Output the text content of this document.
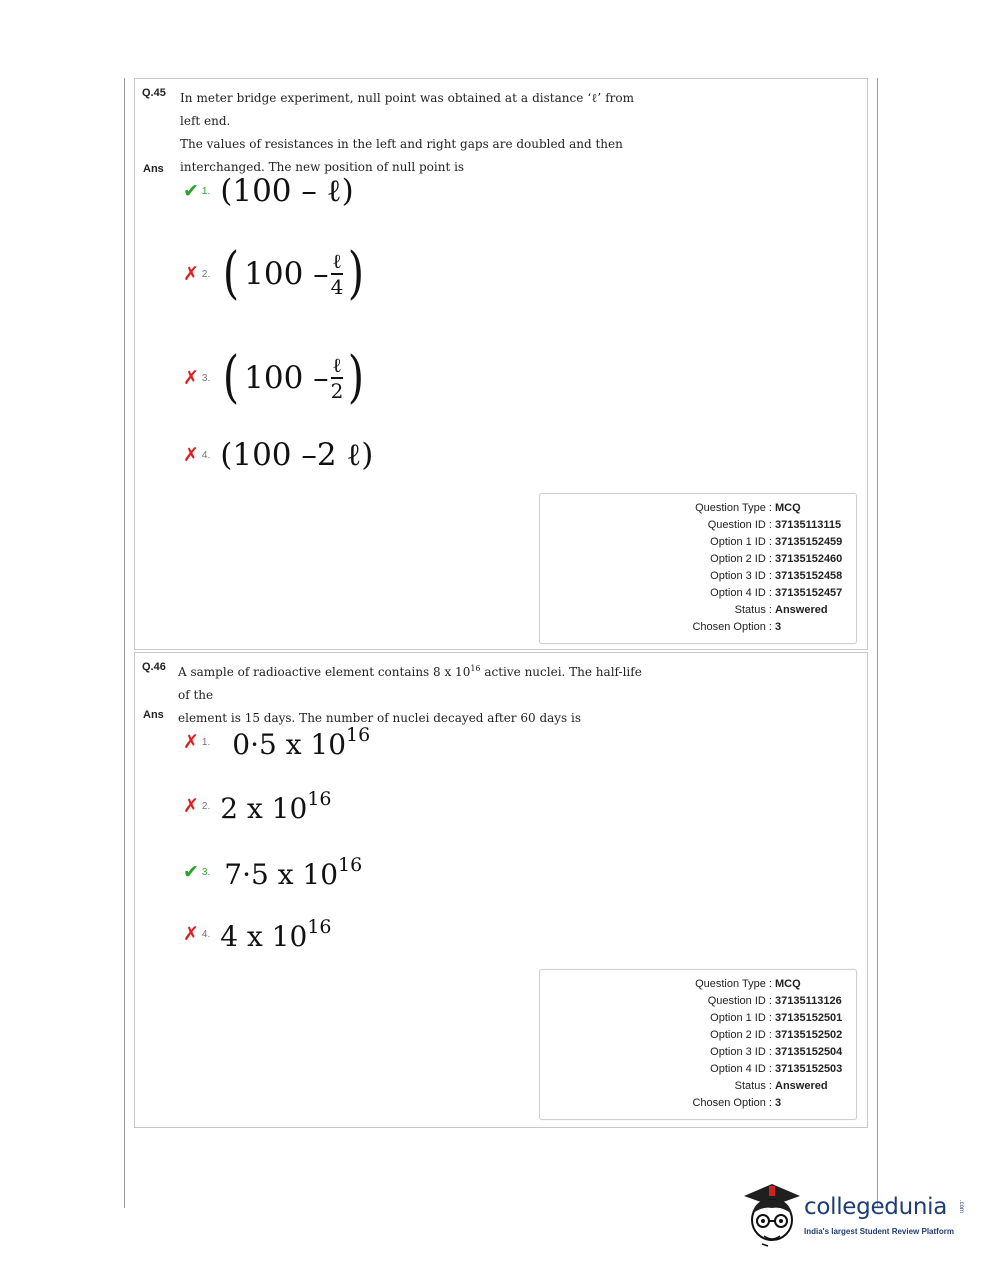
Q.45 In meter bridge experiment, null point was obtained at a distance ‘ℓ’ from left end.
The values of resistances in the left and right gaps are doubled and then
interchanged. The new position of null point is
Ans
✔ 1. (100 – ℓ)
✗ 2. ( $100 - \frac{\text{ℓ}}{4}$ )
✗ 3. ( $100 - \frac{\text{ℓ}}{2}$ )
✗ 4. (100 –2 ℓ)
Question Type : MCQ
Question ID : 37135113115
Option 1 ID : 37135152459
Option 2 ID : 37135152460
Option 3 ID : 37135152458
Option 4 ID : 37135152457
Status : Answered
Chosen Option : 3
Q.46 A sample of radioactive element contains 8 x $10^{16}$ active nuclei. The half-life of the
element is 15 days. The number of nuclei decayed after 60 days is
Ans
✗ 1. 0·5 x $10^{16}$
✗ 2. 2 x $10^{16}$
✔ 3. 7·5 x $10^{16}$
✗ 4. 4 x $10^{16}$
Question Type : MCQ
Question ID : 37135113126
Option 1 ID : 37135152501
Option 2 ID : 37135152502
Option 3 ID : 37135152504
Option 4 ID : 37135152503
Status : Answered
Chosen Option : 3
collegedunia .com
India's largest Student Review Platform
